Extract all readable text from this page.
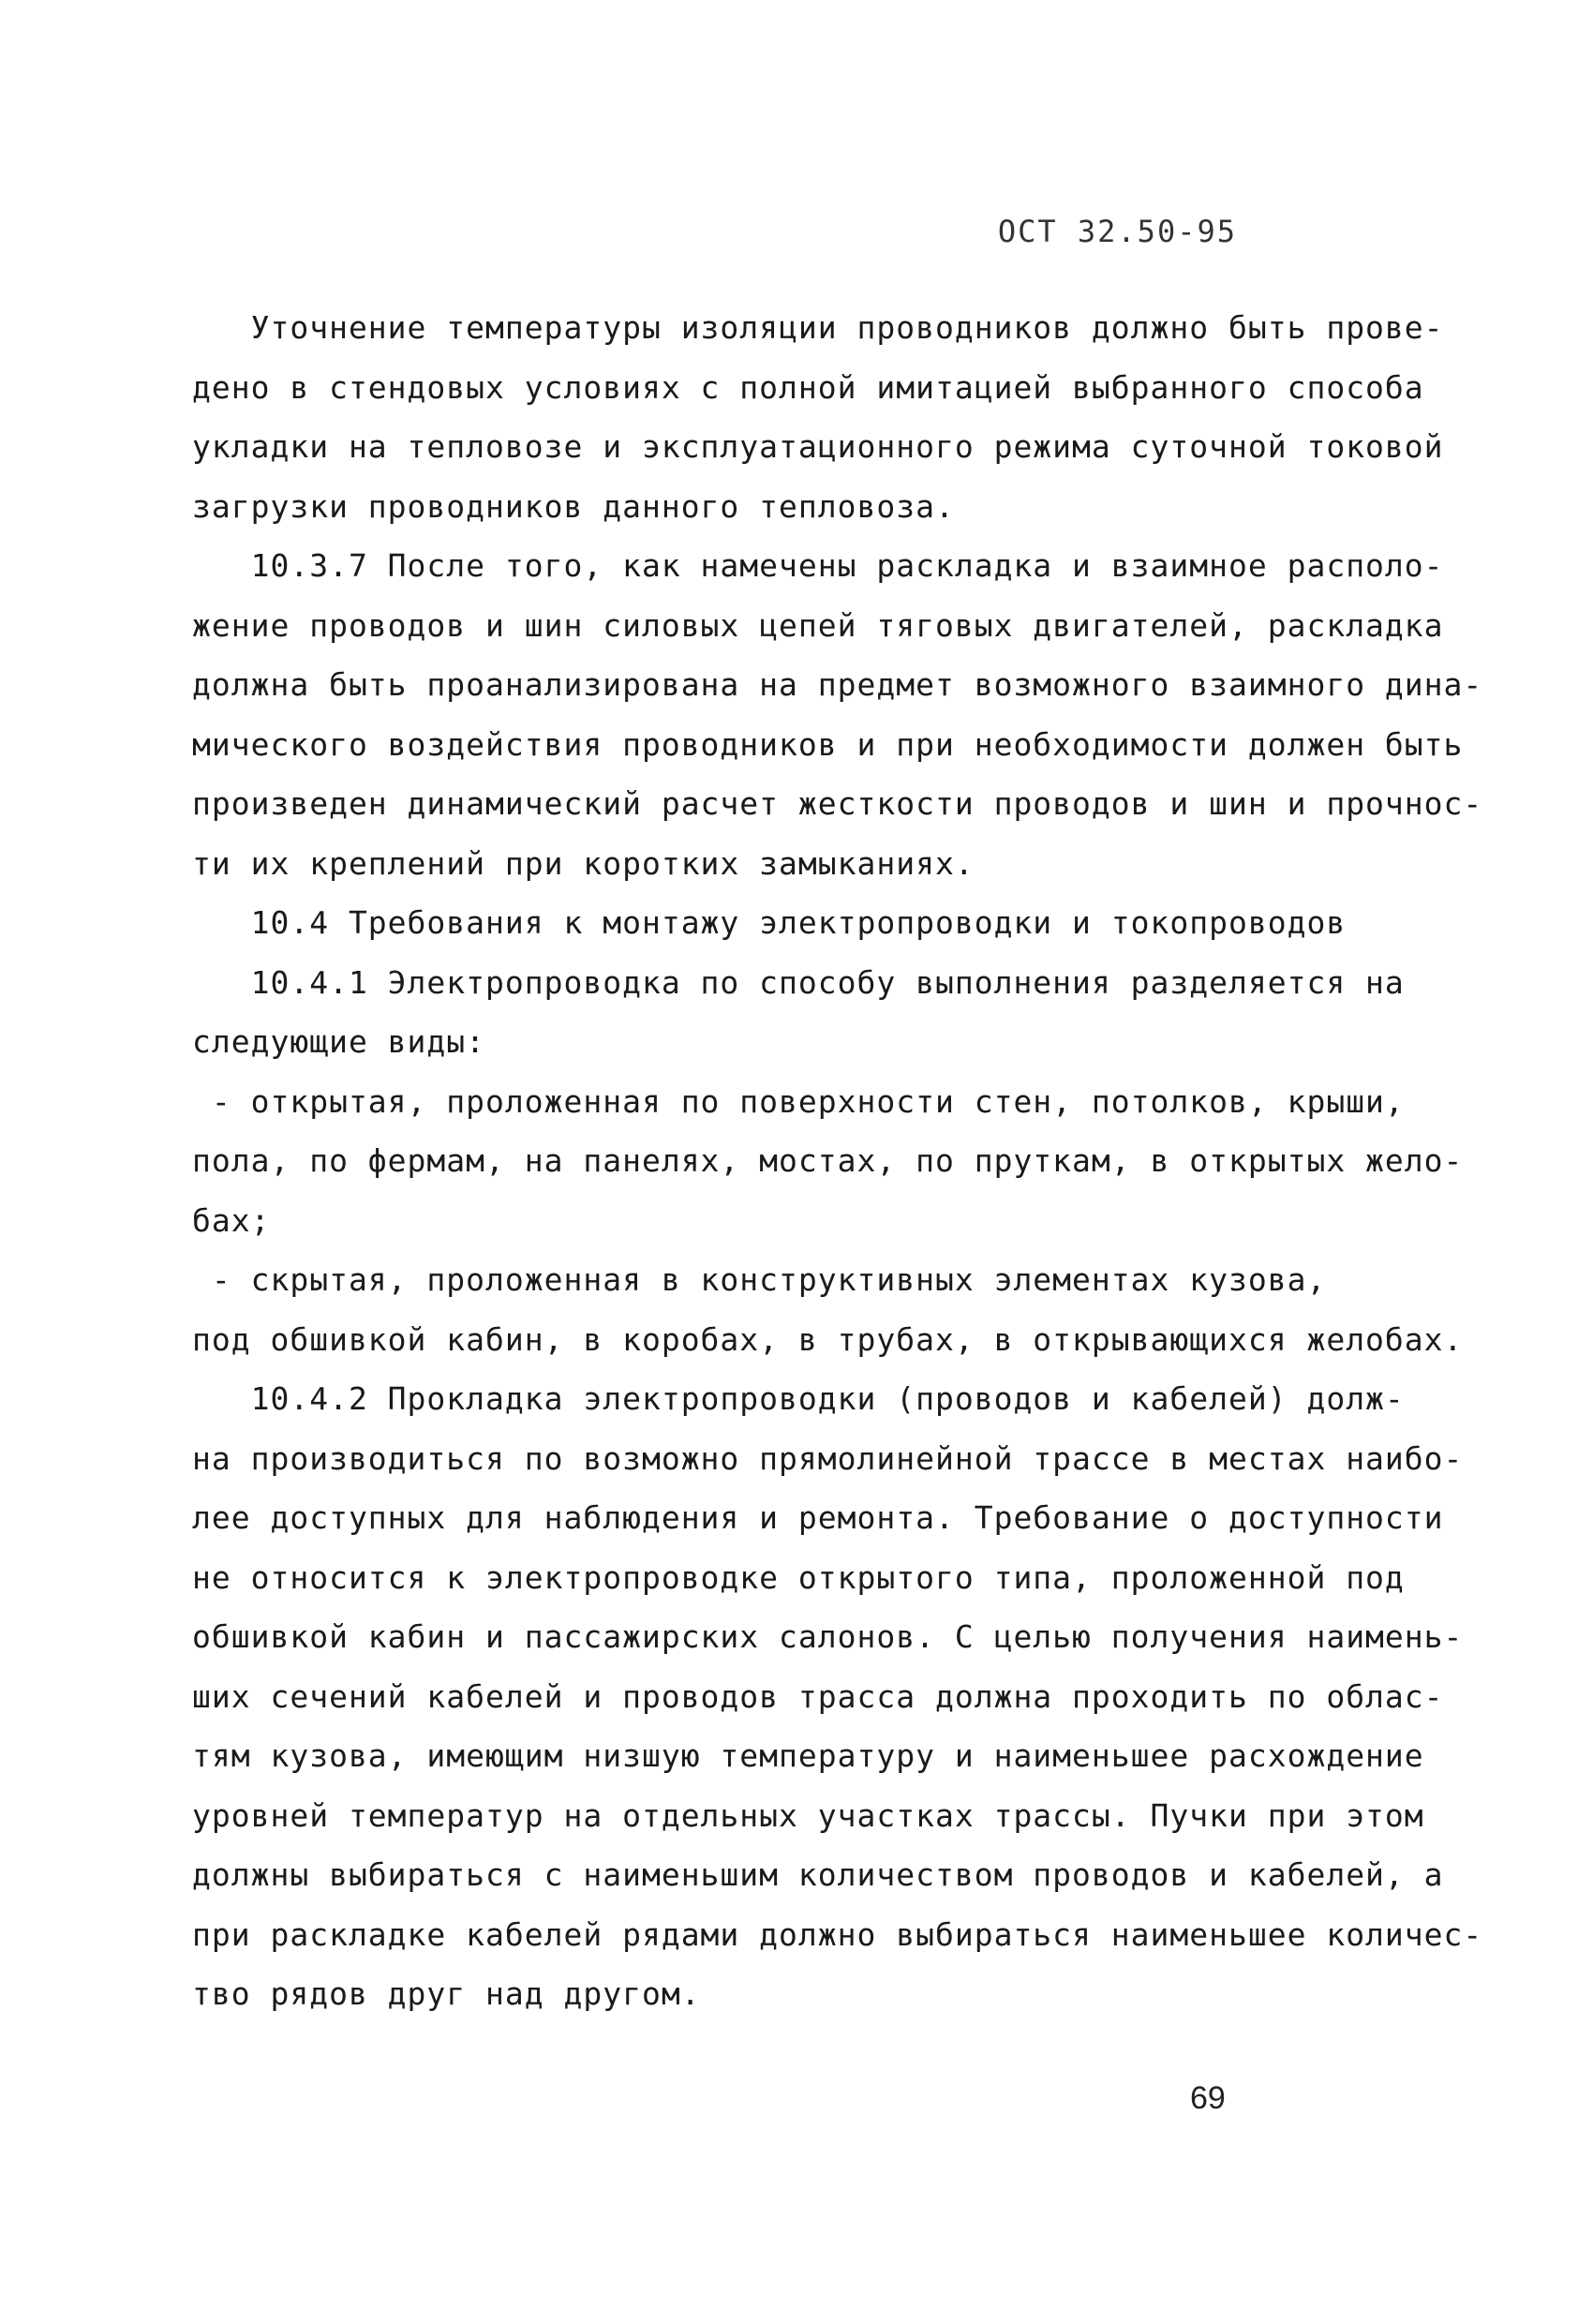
ОСТ 32.50-95
Уточнение температуры изоляции проводников должно быть прове-
дено в стендовых условиях с полной имитацией выбранного способа
укладки на тепловозе и эксплуатационного режима суточной токовой
загрузки проводников данного тепловоза.
10.3.7 После того, как намечены раскладка и взаимное располо-
жение проводов и шин силовых цепей тяговых двигателей, раскладка
должна быть проанализирована на предмет возможного взаимного дина-
мического воздействия проводников и при необходимости должен быть
произведен динамический расчет жесткости проводов и шин и прочнос-
ти их креплений при коротких замыканиях.
10.4 Требования к монтажу электропроводки и токопроводов
10.4.1 Электропроводка по способу выполнения разделяется на
следующие виды:
- открытая, проложенная по поверхности стен, потолков, крыши,
пола, по фермам, на панелях, мостах, по пруткам, в открытых жело-
бах;
- скрытая, проложенная в конструктивных элементах кузова,
под обшивкой кабин, в коробах, в трубах, в открывающихся желобах.
10.4.2 Прокладка электропроводки (проводов и кабелей) долж-
на производиться по возможно прямолинейной трассе в местах наибо-
лее доступных для наблюдения и ремонта. Требование о доступности
не относится к электропроводке открытого типа, проложенной под
обшивкой кабин и пассажирских салонов. С целью получения наимень-
ших сечений кабелей и проводов трасса должна проходить по облас-
тям кузова, имеющим низшую температуру и наименьшее расхождение
уровней температур на отдельных участках трассы. Пучки при этом
должны выбираться с наименьшим количеством проводов и кабелей, а
при раскладке кабелей рядами должно выбираться наименьшее количес-
тво рядов друг над другом.
69
